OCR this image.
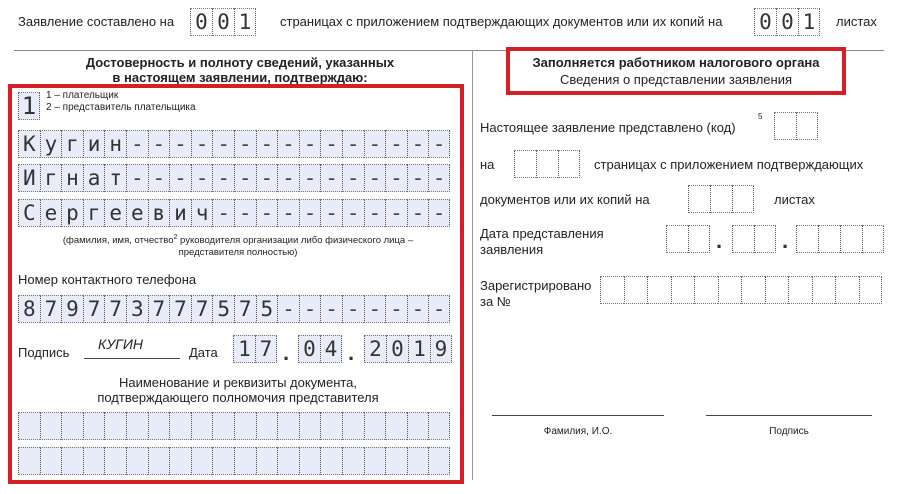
Заявление составлено на 0 0 1	страницах с приложением подтверждающих документов или их копий на 0 0 1	листах
Достоверность и полноту сведений, указанных
в настоящем заявлении, подтверждаю:
1 1 – плательщик
2 – представитель плательщика
К у г и н - - - - - - - - - - - - - - -
И г н а т - - - - - - - - - - - - - - -
С е р г е е в и ч - - - - - - - - - - -
(фамилия, имя, отчество$^2$ руководителя организации либо физического лица –
представителя полностью)
Номер контактного телефона
8 7 9 7 7 3 7 7 7 5 7 5 - - - - - - - -
Подпись
КУГИН
Дата 1 7 . 0 4 . 2 0 1 9
Наименование и реквизиты документа,
подтверждающего полномочия представителя
Заполняется работником налогового органа
Сведения о представлении заявления
Настоящее заявление представлено (код)
5
на	страницах с приложением подтверждающих
документов или их копий на	листах
Дата представления
заявления	.	.
Зарегистрировано
за №
Фамилия, И.О.	Подпись
